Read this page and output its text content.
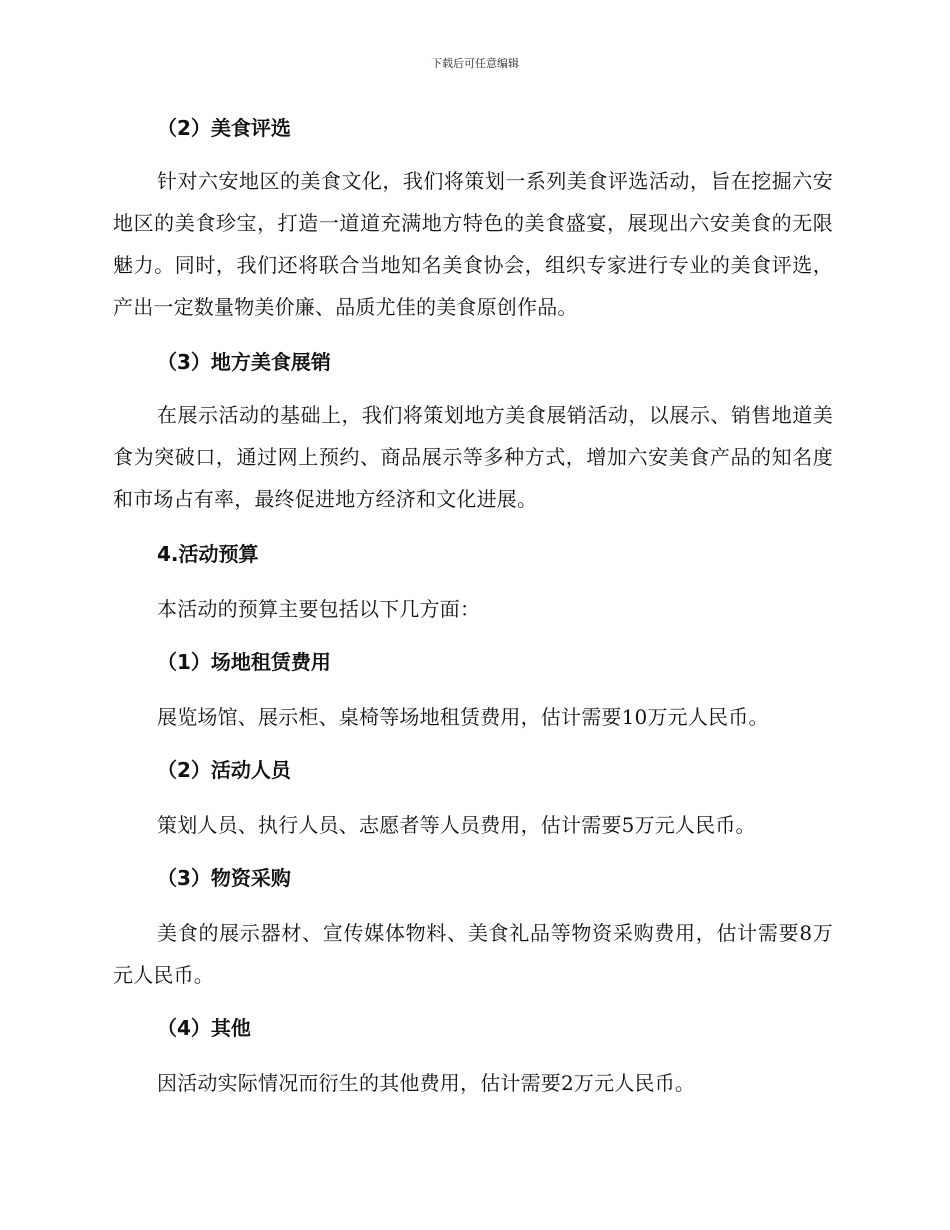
下载后可任意编辑
（2）美食评选

针对六安地区的美食文化，我们将策划一系列美食评选活动，旨在挖掘六安地区的美食珍宝，打造一道道充满地方特色的美食盛宴，展现出六安美食的无限魅力。同时，我们还将联合当地知名美食协会，组织专家进行专业的美食评选，产出一定数量物美价廉、品质尤佳的美食原创作品。

（3）地方美食展销

在展示活动的基础上，我们将策划地方美食展销活动，以展示、销售地道美食为突破口，通过网上预约、商品展示等多种方式，增加六安美食产品的知名度和市场占有率，最终促进地方经济和文化进展。

4.活动预算

本活动的预算主要包括以下几方面：

（1）场地租赁费用

展览场馆、展示柜、桌椅等场地租赁费用，估计需要10万元人民币。

（2）活动人员

策划人员、执行人员、志愿者等人员费用，估计需要5万元人民币。

（3）物资采购

美食的展示器材、宣传媒体物料、美食礼品等物资采购费用，估计需要8万元人民币。

（4）其他

因活动实际情况而衍生的其他费用，估计需要2万元人民币。
